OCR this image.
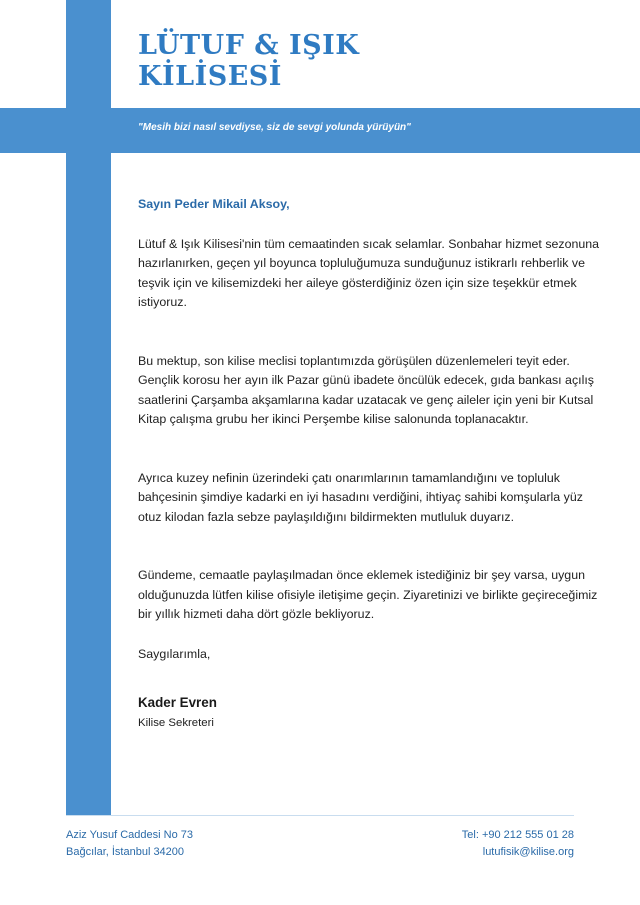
LÜTUF & IŞIK
KİLİSESİ
"Mesih bizi nasıl sevdiyse, siz de sevgi yolunda yürüyün"

Sayın Peder Mikail Aksoy,

Lütuf & Işık Kilisesi'nin tüm cemaatinden sıcak selamlar. Sonbahar hizmet sezonuna hazırlanırken, geçen yıl boyunca topluluğumuza sunduğunuz istikrarlı rehberlik ve teşvik için ve kilisemizdeki her aileye gösterdiğiniz özen için size teşekkür etmek istiyoruz.

Bu mektup, son kilise meclisi toplantımızda görüşülen düzenlemeleri teyit eder. Gençlik korosu her ayın ilk Pazar günü ibadete öncülük edecek, gıda bankası açılış saatlerini Çarşamba akşamlarına kadar uzatacak ve genç aileler için yeni bir Kutsal Kitap çalışma grubu her ikinci Perşembe kilise salonunda toplanacaktır.

Ayrıca kuzey nefinin üzerindeki çatı onarımlarının tamamlandığını ve topluluk bahçesinin şimdiye kadarki en iyi hasadını verdiğini, ihtiyaç sahibi komşularla yüz otuz kilodan fazla sebze paylaşıldığını bildirmekten mutluluk duyarız.

Gündeme, cemaatle paylaşılmadan önce eklemek istediğiniz bir şey varsa, uygun olduğunuzda lütfen kilise ofisiyle iletişime geçin. Ziyaretinizi ve birlikte geçireceğimiz bir yıllık hizmeti daha dört gözle bekliyoruz.

Saygılarımla,

Kader Evren

Kilise Sekreteri

Aziz Yusuf Caddesi No 73
Bağcılar, İstanbul 34200
Tel: +90 212 555 01 28
lutufisik@kilise.org
